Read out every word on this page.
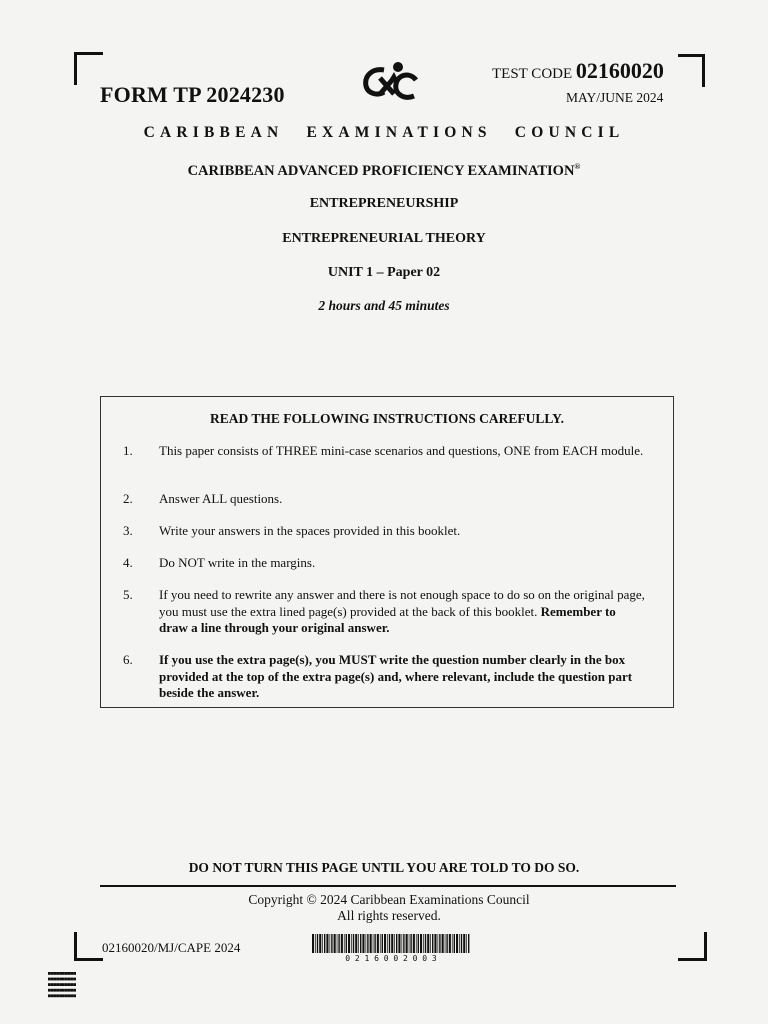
FORM TP 2024230
TEST CODE 02160020
MAY/JUNE 2024
CARIBBEAN EXAMINATIONS COUNCIL
CARIBBEAN ADVANCED PROFICIENCY EXAMINATION®
ENTREPRENEURSHIP
ENTREPRENEURIAL THEORY
UNIT 1 – Paper 02
2 hours and 45 minutes
READ THE FOLLOWING INSTRUCTIONS CAREFULLY.
1. This paper consists of THREE mini-case scenarios and questions, ONE from EACH module.
2. Answer ALL questions.
3. Write your answers in the spaces provided in this booklet.
4. Do NOT write in the margins.
5. If you need to rewrite any answer and there is not enough space to do so on the original page, you must use the extra lined page(s) provided at the back of this booklet. Remember to draw a line through your original answer.
6. If you use the extra page(s), you MUST write the question number clearly in the box provided at the top of the extra page(s) and, where relevant, include the question part beside the answer.
DO NOT TURN THIS PAGE UNTIL YOU ARE TOLD TO DO SO.
Copyright © 2024 Caribbean Examinations Council
All rights reserved.
02160020/MJ/CAPE 2024
0 2 1 6 0 0 2 0 0 3
